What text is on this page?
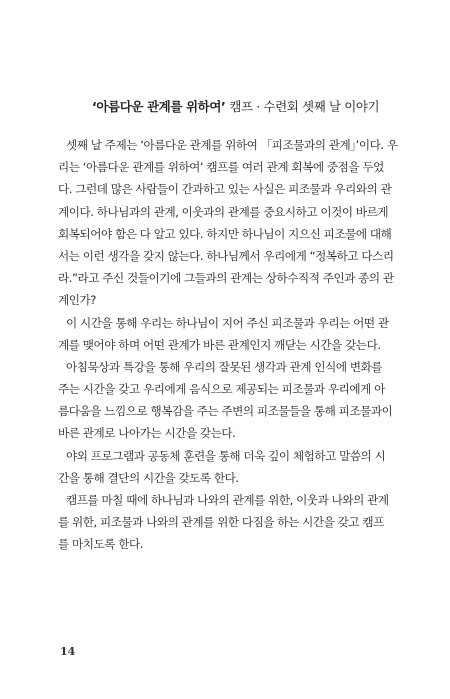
‘아름다운 관계를 위하여’ 캠프 · 수련회 셋째 날 이야기
셋째 날 주제는 ‘아름다운 관계를 위하여 「피조물과의 관계」’이다. 우
리는 ‘아름다운 관계를 위하여’ 캠프를 여러 관계 회복에 중점을 두었
다. 그런데 많은 사람들이 간과하고 있는 사실은 피조물과 우리와의 관
계이다. 하나님과의 관계, 이웃과의 관계를 중요시하고 이것이 바르게
회복되어야 함은 다 알고 있다. 하지만 하나님이 지으신 피조물에 대해
서는 이런 생각을 갖지 않는다. 하나님께서 우리에게 “정복하고 다스리
라.”라고 주신 것들이기에 그들과의 관계는 상하수직적 주인과 종의 관
계인가?
이 시간을 통해 우리는 하나님이 지어 주신 피조물과 우리는 어떤 관
계를 맺어야 하며 어떤 관계가 바른 관계인지 깨닫는 시간을 갖는다.
아침묵상과 특강을 통해 우리의 잘못된 생각과 관계 인식에 변화를
주는 시간을 갖고 우리에게 음식으로 제공되는 피조물과 우리에게 아
름다움을 느낌으로 행복감을 주는 주변의 피조물들을 통해 피조물과이
바른 관계로 나아가는 시간을 갖는다.
야외 프로그램과 공동체 훈련을 통해 더욱 깊이 체험하고 말씀의 시
간을 통해 결단의 시간을 갖도록 한다.
캠프를 마칠 때에 하나님과 나와의 관계를 위한, 이웃과 나와의 관계
를 위한, 피조물과 나와의 관계를 위한 다짐을 하는 시간을 갖고 캠프
를 마치도록 한다.
14
